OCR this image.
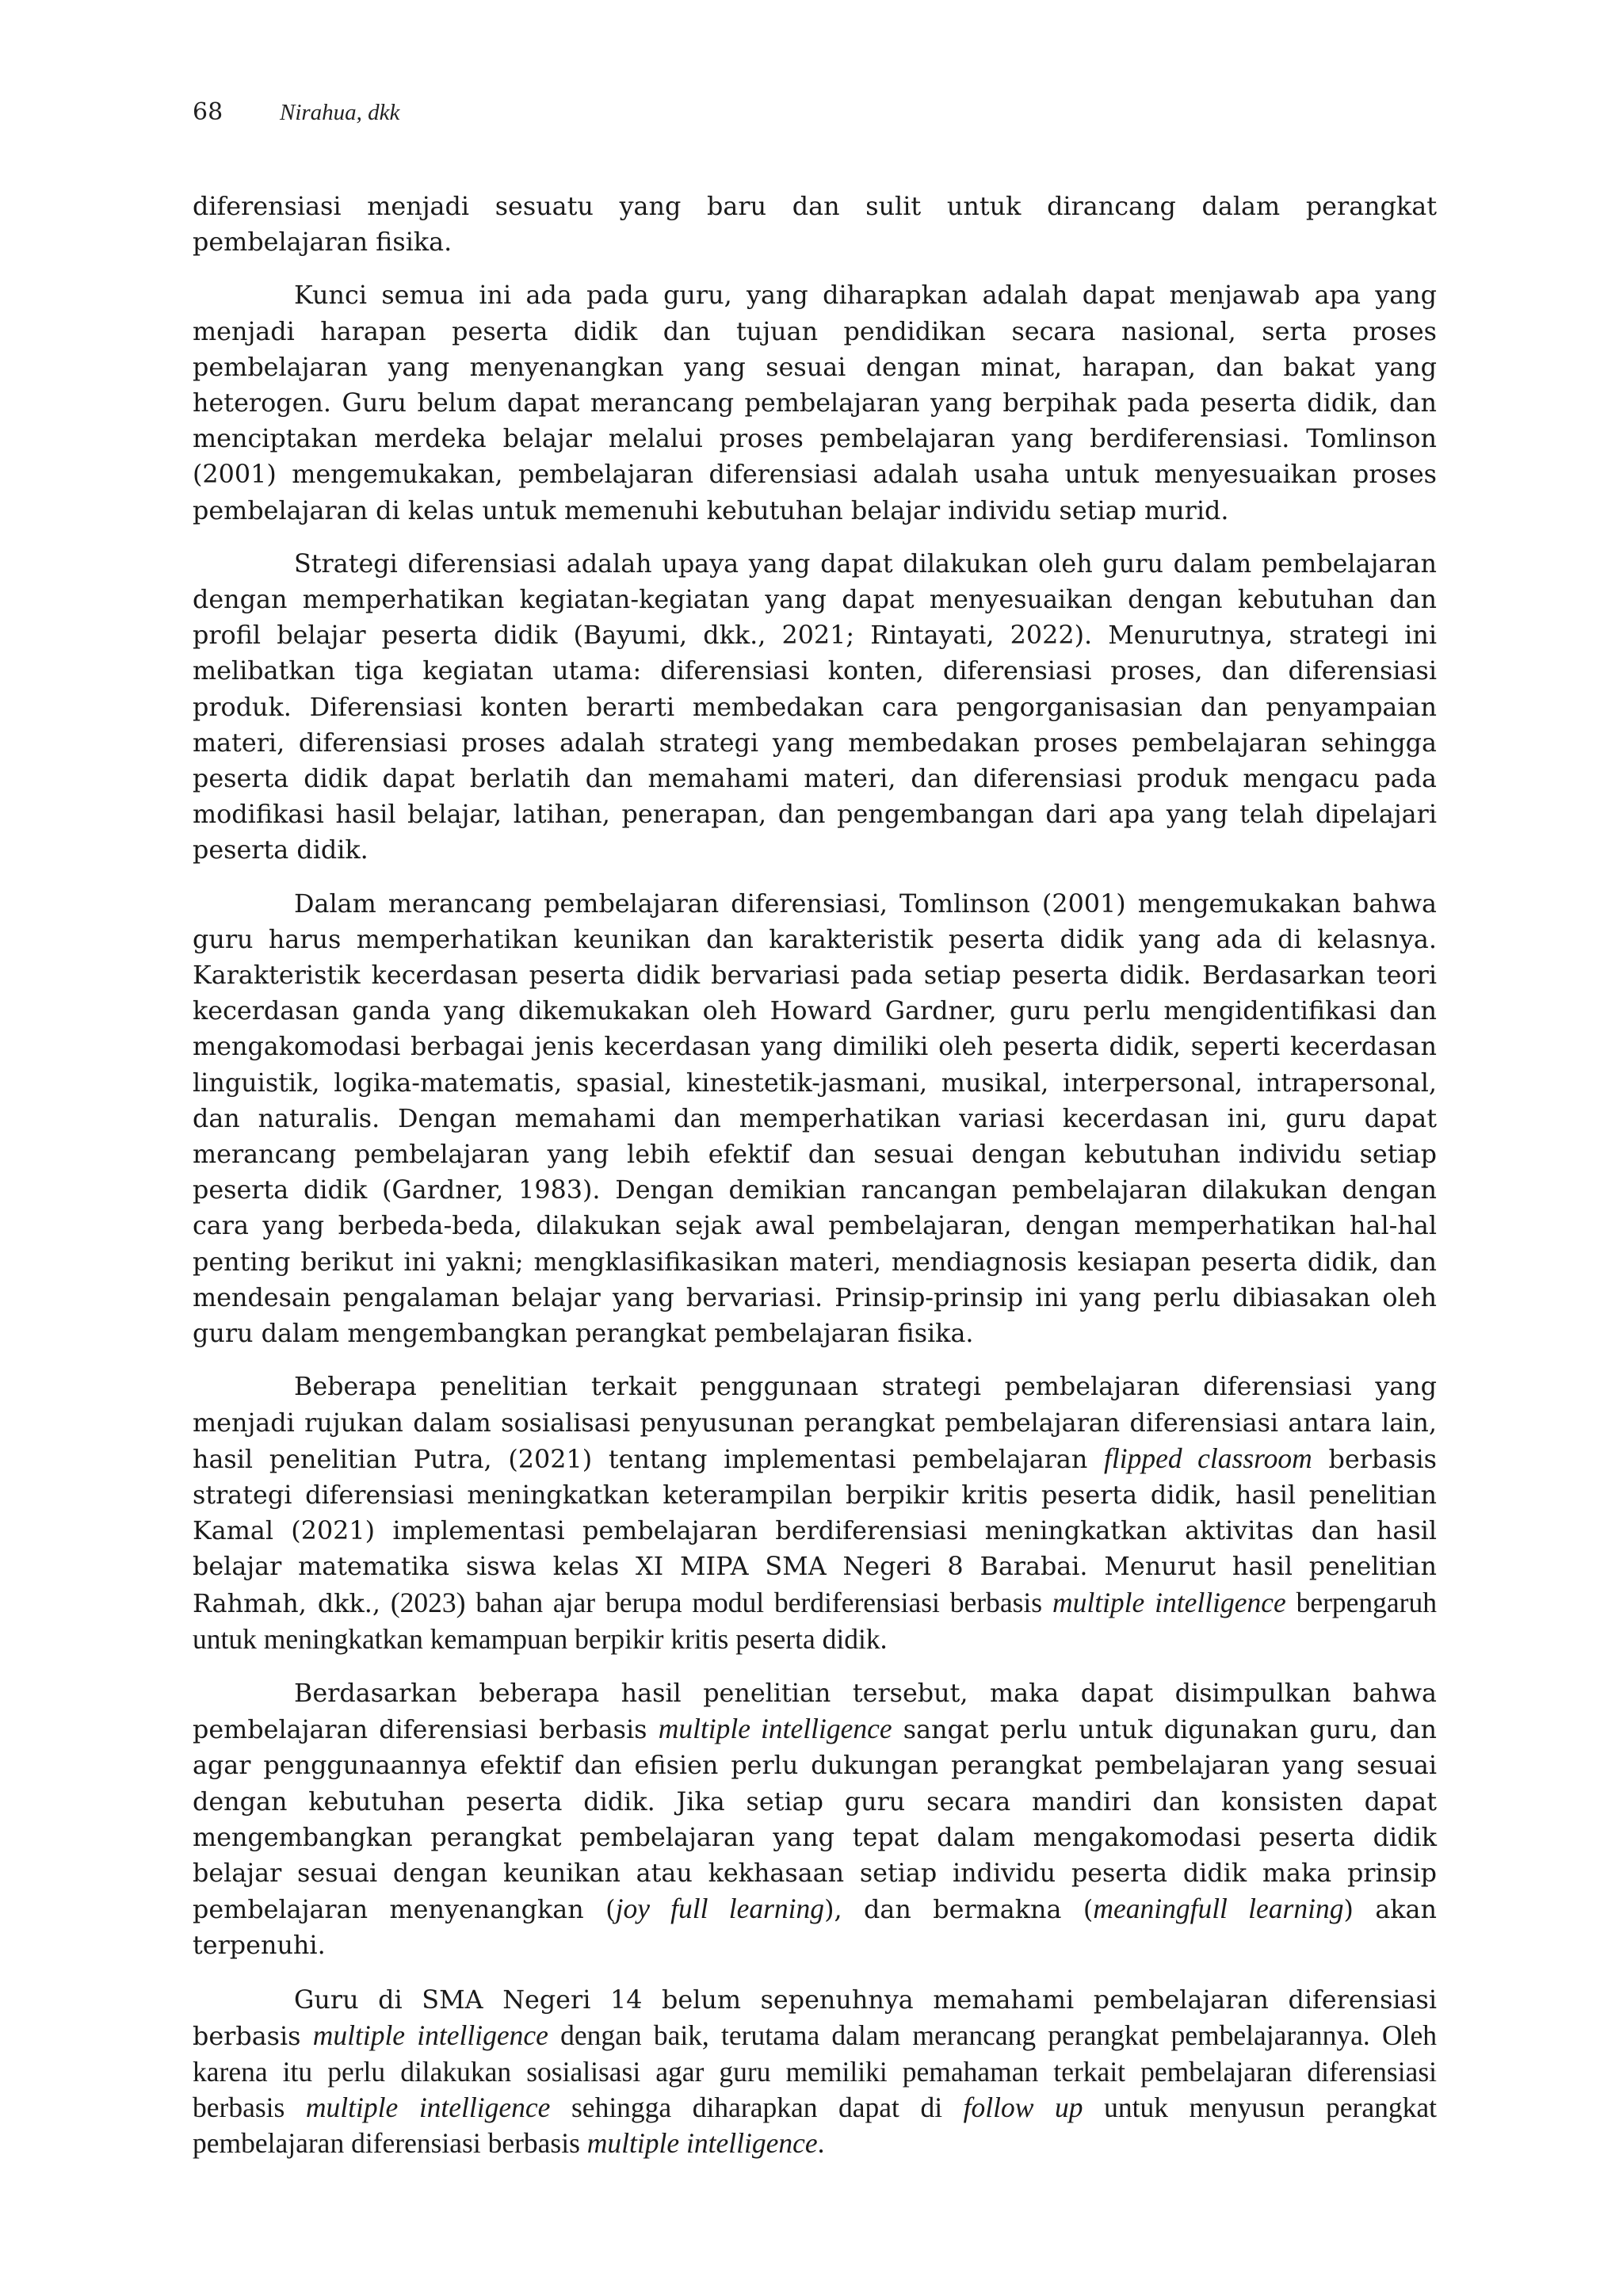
68 Nirahua, dkk

diferensiasi menjadi sesuatu yang baru dan sulit untuk dirancang dalam perangkat pembelajaran fisika.

Kunci semua ini ada pada guru, yang diharapkan adalah dapat menjawab apa yang menjadi harapan peserta didik dan tujuan pendidikan secara nasional, serta proses pembelajaran yang menyenangkan yang sesuai dengan minat, harapan, dan bakat yang heterogen. Guru belum dapat merancang pembelajaran yang berpihak pada peserta didik, dan menciptakan merdeka belajar melalui proses pembelajaran yang berdiferensiasi. Tomlinson (2001) mengemukakan, pembelajaran diferensiasi adalah usaha untuk menyesuaikan proses pembelajaran di kelas untuk memenuhi kebutuhan belajar individu setiap murid.

Strategi diferensiasi adalah upaya yang dapat dilakukan oleh guru dalam pembelajaran dengan memperhatikan kegiatan-kegiatan yang dapat menyesuaikan dengan kebutuhan dan profil belajar peserta didik (Bayumi, dkk., 2021; Rintayati, 2022). Menurutnya, strategi ini melibatkan tiga kegiatan utama: diferensiasi konten, diferensiasi proses, dan diferensiasi produk. Diferensiasi konten berarti membedakan cara pengorganisasian dan penyampaian materi, diferensiasi proses adalah strategi yang membedakan proses pembelajaran sehingga peserta didik dapat berlatih dan memahami materi, dan diferensiasi produk mengacu pada modifikasi hasil belajar, latihan, penerapan, dan pengembangan dari apa yang telah dipelajari peserta didik.

Dalam merancang pembelajaran diferensiasi, Tomlinson (2001) mengemukakan bahwa guru harus memperhatikan keunikan dan karakteristik peserta didik yang ada di kelasnya. Karakteristik kecerdasan peserta didik bervariasi pada setiap peserta didik. Berdasarkan teori kecerdasan ganda yang dikemukakan oleh Howard Gardner, guru perlu mengidentifikasi dan mengakomodasi berbagai jenis kecerdasan yang dimiliki oleh peserta didik, seperti kecerdasan linguistik, logika-matematis, spasial, kinestetik-jasmani, musikal, interpersonal, intrapersonal, dan naturalis. Dengan memahami dan memperhatikan variasi kecerdasan ini, guru dapat merancang pembelajaran yang lebih efektif dan sesuai dengan kebutuhan individu setiap peserta didik (Gardner, 1983). Dengan demikian rancangan pembelajaran dilakukan dengan cara yang berbeda-beda, dilakukan sejak awal pembelajaran, dengan memperhatikan hal-hal penting berikut ini yakni; mengklasifikasikan materi, mendiagnosis kesiapan peserta didik, dan mendesain pengalaman belajar yang bervariasi. Prinsip-prinsip ini yang perlu dibiasakan oleh guru dalam mengembangkan perangkat pembelajaran fisika.

Beberapa penelitian terkait penggunaan strategi pembelajaran diferensiasi yang menjadi rujukan dalam sosialisasi penyusunan perangkat pembelajaran diferensiasi antara lain, hasil penelitian Putra, (2021) tentang implementasi pembelajaran flipped classroom berbasis strategi diferensiasi meningkatkan keterampilan berpikir kritis peserta didik, hasil penelitian Kamal (2021) implementasi pembelajaran berdiferensiasi meningkatkan aktivitas dan hasil belajar matematika siswa kelas XI MIPA SMA Negeri 8 Barabai. Menurut hasil penelitian Rahmah, dkk., (2023) bahan ajar berupa modul berdiferensiasi berbasis multiple intelligence berpengaruh untuk meningkatkan kemampuan berpikir kritis peserta didik.

Berdasarkan beberapa hasil penelitian tersebut, maka dapat disimpulkan bahwa pembelajaran diferensiasi berbasis multiple intelligence sangat perlu untuk digunakan guru, dan agar penggunaannya efektif dan efisien perlu dukungan perangkat pembelajaran yang sesuai dengan kebutuhan peserta didik. Jika setiap guru secara mandiri dan konsisten dapat mengembangkan perangkat pembelajaran yang tepat dalam mengakomodasi peserta didik belajar sesuai dengan keunikan atau kekhasaan setiap individu peserta didik maka prinsip pembelajaran menyenangkan (joy full learning), dan bermakna (meaningfull learning) akan terpenuhi.

Guru di SMA Negeri 14 belum sepenuhnya memahami pembelajaran diferensiasi berbasis multiple intelligence dengan baik, terutama dalam merancang perangkat pembelajarannya. Oleh karena itu perlu dilakukan sosialisasi agar guru memiliki pemahaman terkait pembelajaran diferensiasi berbasis multiple intelligence sehingga diharapkan dapat di follow up untuk menyusun perangkat pembelajaran diferensiasi berbasis multiple intelligence.
